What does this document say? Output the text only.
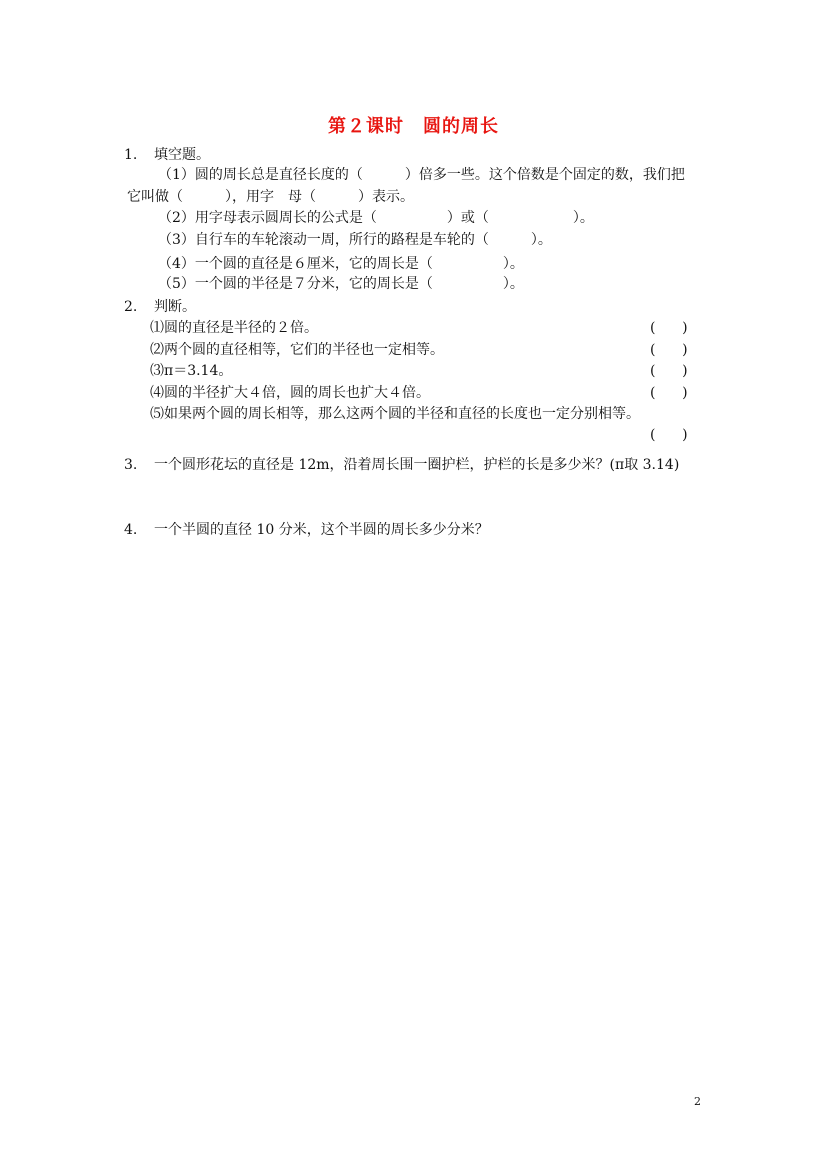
第２课时　圆的周长
1. 填空题。
（1）圆的周长总是直径长度的（　　　）倍多一些。这个倍数是个固定的数，我们把
它叫做（　　　），用字　母（　　　）表示。
（2）用字母表示圆周长的公式是（　　　　　）或（　　　　　　）。
（3）自行车的车轮滚动一周，所行的路程是车轮的（　　　）。
（4）一个圆的直径是６厘米，它的周长是（　　　　　）。
（5）一个圆的半径是７分米，它的周长是（　　　　　）。
2. 判断。
⑴圆的直径是半径的２倍。	(      )
⑵两个圆的直径相等，它们的半径也一定相等。	(      )
⑶π＝3.14。	(      )
⑷圆的半径扩大４倍，圆的周长也扩大４倍。	(      )
⑸如果两个圆的周长相等，那么这两个圆的半径和直径的长度也一定分别相等。
(      )
3. 一个圆形花坛的直径是 12m，沿着周长围一圈护栏，护栏的长是多少米？(π取 3.14)
4. 一个半圆的直径 10 分米，这个半圆的周长多少分米？
2
